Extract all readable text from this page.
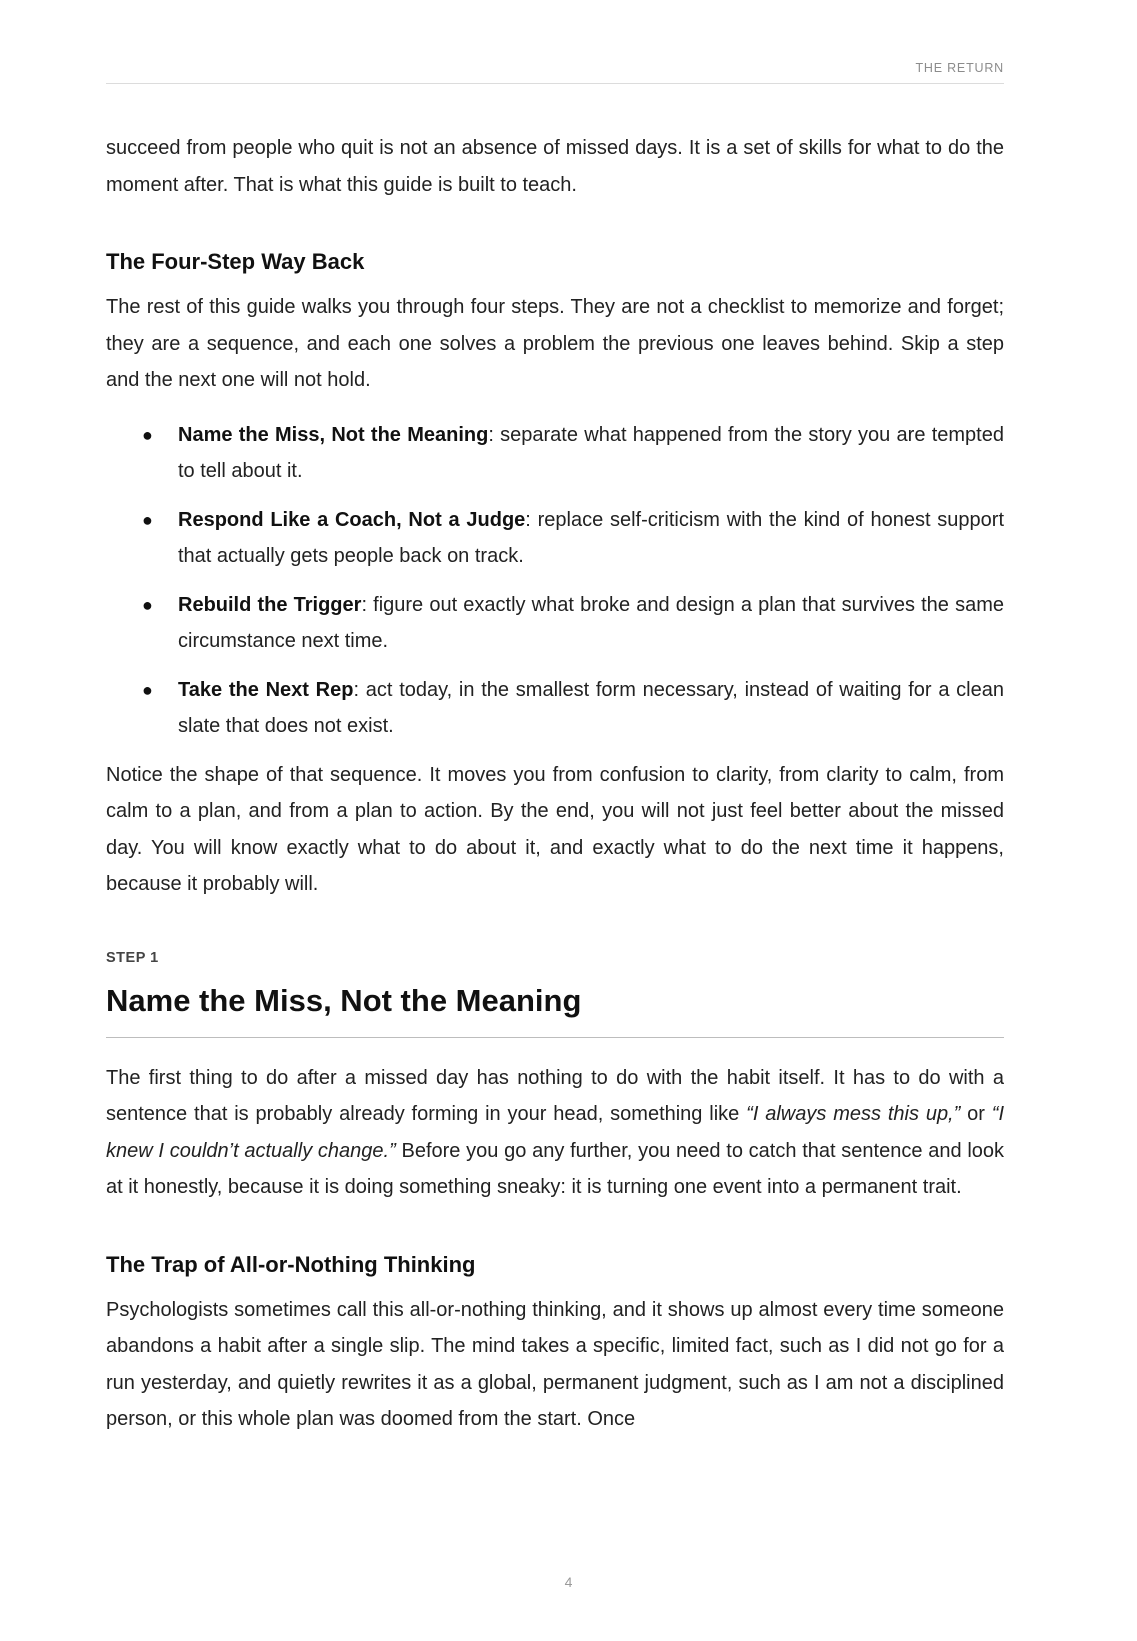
THE RETURN

succeed from people who quit is not an absence of missed days. It is a set of skills for what to do the moment after. That is what this guide is built to teach.

The Four-Step Way Back

The rest of this guide walks you through four steps. They are not a checklist to memorize and forget; they are a sequence, and each one solves a problem the previous one leaves behind. Skip a step and the next one will not hold.

● Name the Miss, Not the Meaning: separate what happened from the story you are tempted to tell about it.
● Respond Like a Coach, Not a Judge: replace self-criticism with the kind of honest support that actually gets people back on track.
● Rebuild the Trigger: figure out exactly what broke and design a plan that survives the same circumstance next time.
● Take the Next Rep: act today, in the smallest form necessary, instead of waiting for a clean slate that does not exist.

Notice the shape of that sequence. It moves you from confusion to clarity, from clarity to calm, from calm to a plan, and from a plan to action. By the end, you will not just feel better about the missed day. You will know exactly what to do about it, and exactly what to do the next time it happens, because it probably will.

STEP 1
Name the Miss, Not the Meaning

The first thing to do after a missed day has nothing to do with the habit itself. It has to do with a sentence that is probably already forming in your head, something like “I always mess this up,” or “I knew I couldn’t actually change.” Before you go any further, you need to catch that sentence and look at it honestly, because it is doing something sneaky: it is turning one event into a permanent trait.

The Trap of All-or-Nothing Thinking

Psychologists sometimes call this all-or-nothing thinking, and it shows up almost every time someone abandons a habit after a single slip. The mind takes a specific, limited fact, such as I did not go for a run yesterday, and quietly rewrites it as a global, permanent judgment, such as I am not a disciplined person, or this whole plan was doomed from the start. Once

4
